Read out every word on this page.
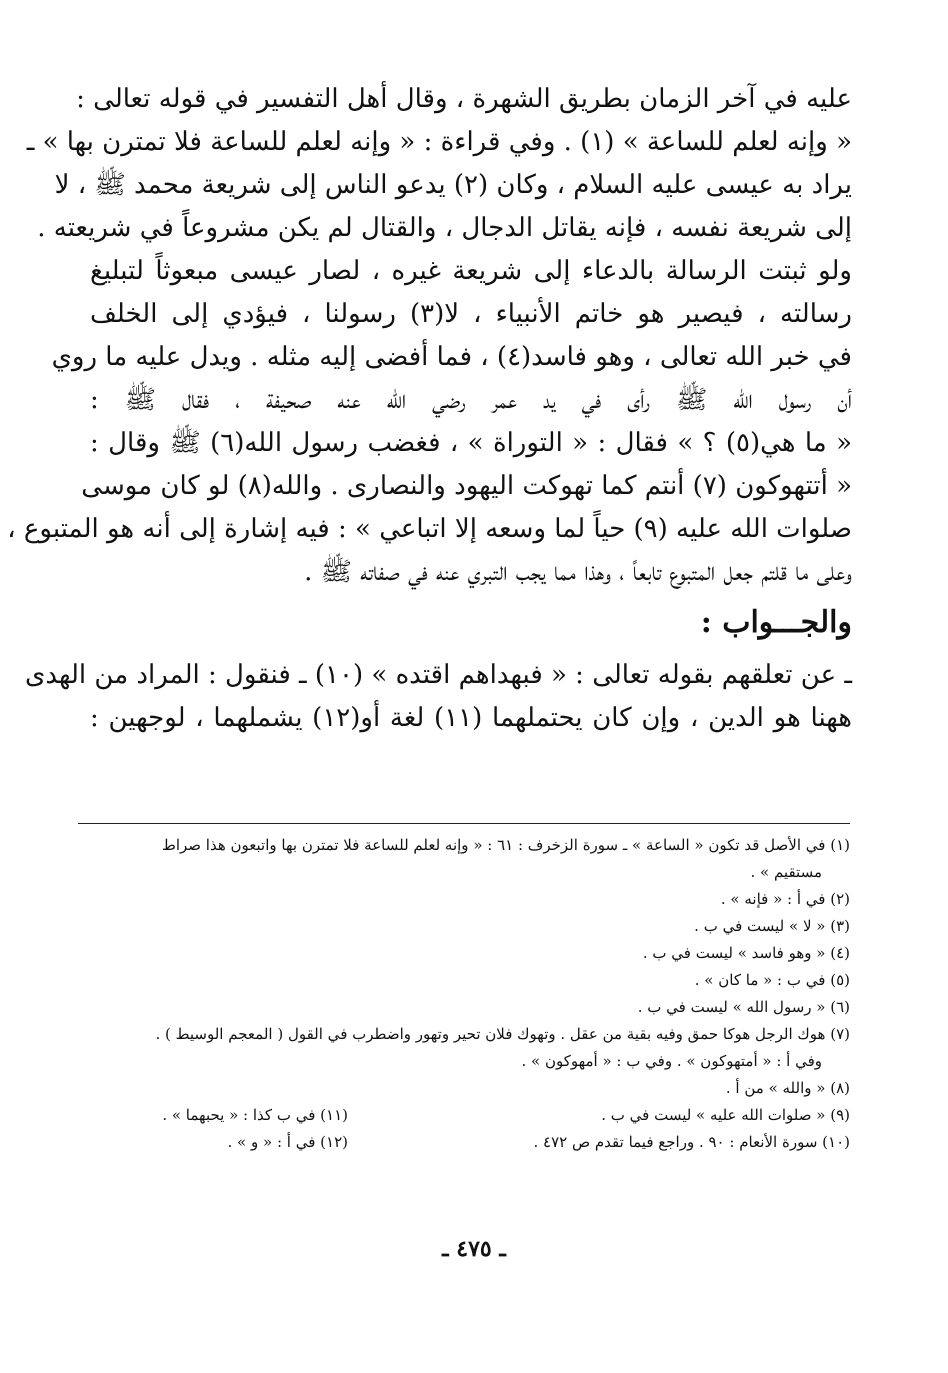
عليه في آخر الزمان بطريق الشهرة ، وقال أهل التفسير في قوله تعالى :
« وإنه لعلم للساعة » (١) . وفي قراءة : « وإنه لعلم للساعة فلا تمترن بها » ـ
يراد به عيسى عليه السلام ، وكان (٢) يدعو الناس إلى شريعة محمد ﷺ ، لا
إلى شريعة نفسه ، فإنه يقاتل الدجال ، والقتال لم يكن مشروعاً في شريعته .
ولو ثبتت الرسالة بالدعاء إلى شريعة غيره ، لصار عيسى مبعوثاً لتبليغ
رسالته ، فيصير هو خاتم الأنبياء ، لا(٣) رسولنا ، فيؤدي إلى الخلف
في خبر الله تعالى ، وهو فاسد(٤) ، فما أفضى إليه مثله . ويدل عليه ما روي
أن رسول الله ﷺ رأى في يد عمر رضي الله عنه صحيفة ، فقال ﷺ :
« ما هي(٥) ؟ » فقال : « التوراة » ، فغضب رسول الله(٦) ﷺ وقال :
« أتتهوكون (٧) أنتم كما تهوكت اليهود والنصارى . والله(٨) لو كان موسى
صلوات الله عليه (٩) حياً لما وسعه إلا اتباعي » : فيه إشارة إلى أنه هو المتبوع ،
وعلى ما قلتم جعل المتبوع تابعاً ، وهذا مما يجب التبري عنه في صفاته ﷺ .
والجـــواب :
ـ عن تعلقهم بقوله تعالى : « فبهداهم اقتده » (١٠) ـ فنقول : المراد من الهدى
ههنا هو الدين ، وإن كان يحتملهما (١١) لغة أو(١٢) يشملهما ، لوجهين :
(١) في الأصل قد تكون « الساعة » ـ سورة الزخرف : ٦١ : « وإنه لعلم للساعة فلا تمترن بها واتبعون هذا صراط
مستقيم » .
(٢) في أ : « فإنه » .
(٣) « لا » ليست في ب .
(٤) « وهو فاسد » ليست في ب .
(٥) في ب : « ما كان » .
(٦) « رسول الله » ليست في ب .
(٧) هوك الرجل هوكا حمق وفيه بقية من عقل . وتهوك فلان تحير وتهور واضطرب في القول ( المعجم الوسيط ) .
وفي أ : « أمتهوكون » . وفي ب : « أمهوكون » .
(٨) « والله » من أ .
(٩) « صلوات الله عليه » ليست في ب .
(١١) في ب كذا : « يحبهما » .
(١٠) سورة الأنعام : ٩٠ . وراجع فيما تقدم ص ٤٧٢ .
(١٢) في أ : « و » .
ـ ٤٧٥ ـ
